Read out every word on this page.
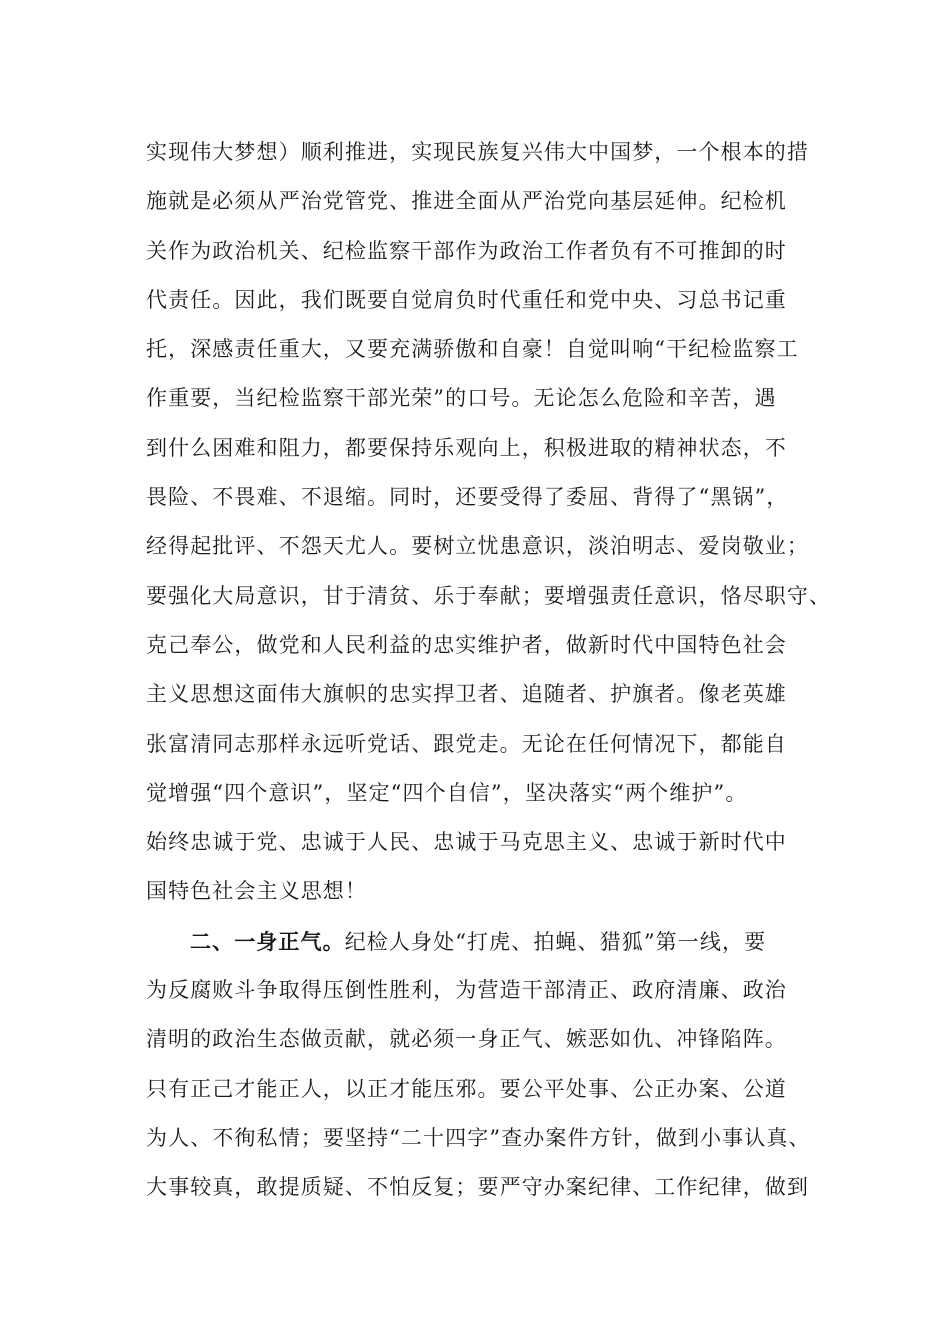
实现伟大梦想）顺利推进，实现民族复兴伟大中国梦，一个根本的措
施就是必须从严治党管党、推进全面从严治党向基层延伸。纪检机
关作为政治机关、纪检监察干部作为政治工作者负有不可推卸的时
代责任。因此，我们既要自觉肩负时代重任和党中央、习总书记重
托，深感责任重大，又要充满骄傲和自豪！自觉叫响“干纪检监察工
作重要，当纪检监察干部光荣”的口号。无论怎么危险和辛苦，遇
到什么困难和阻力，都要保持乐观向上，积极进取的精神状态，不
畏险、不畏难、不退缩。同时，还要受得了委屈、背得了“黑锅”，
经得起批评、不怨天尤人。要树立忧患意识，淡泊明志、爱岗敬业；
要强化大局意识，甘于清贫、乐于奉献；要增强责任意识，恪尽职守、
克己奉公，做党和人民利益的忠实维护者，做新时代中国特色社会
主义思想这面伟大旗帜的忠实捍卫者、追随者、护旗者。像老英雄
张富清同志那样永远听党话、跟党走。无论在任何情况下，都能自
觉增强“四个意识”，坚定“四个自信”，坚决落实“两个维护”。
始终忠诚于党、忠诚于人民、忠诚于马克思主义、忠诚于新时代中
国特色社会主义思想！
二、一身正气。纪检人身处“打虎、拍蝇、猎狐”第一线，要
为反腐败斗争取得压倒性胜利，为营造干部清正、政府清廉、政治
清明的政治生态做贡献，就必须一身正气、嫉恶如仇、冲锋陷阵。
只有正己才能正人，以正才能压邪。要公平处事、公正办案、公道
为人、不徇私情；要坚持“二十四字”查办案件方针，做到小事认真、
大事较真，敢提质疑、不怕反复；要严守办案纪律、工作纪律，做到
